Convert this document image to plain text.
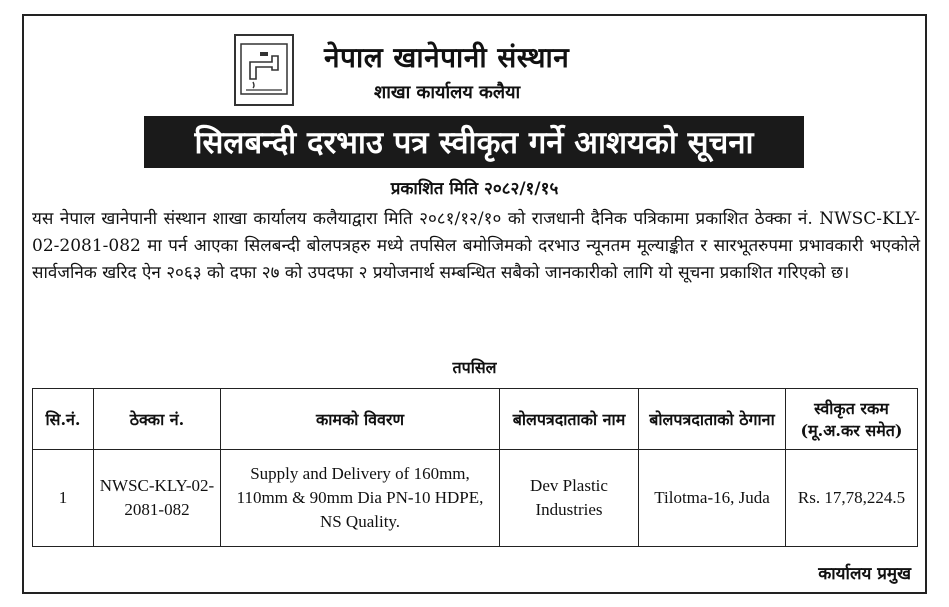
नेपाल खानेपानी संस्थान
शाखा कार्यालय कलैया
सिलबन्दी दरभाउ पत्र स्वीकृत गर्ने आशयको सूचना
प्रकाशित मिति २०८२/१/१५
यस नेपाल खानेपानी संस्थान शाखा कार्यालय कलैयाद्वारा मिति २०८१/१२/१० को राजधानी दैनिक पत्रिकामा प्रकाशित ठेक्का नं. NWSC-KLY-02-2081-082 मा पर्न आएका सिलबन्दी बोलपत्रहरु मध्ये तपसिल बमोजिमको दरभाउ न्यूनतम मूल्याङ्कीत र सारभूतरुपमा प्रभावकारी भएकोले सार्वजनिक खरिद ऐन २०६३ को दफा २७ को उपदफा २ प्रयोजनार्थ सम्बन्धित सबैको जानकारीको लागि यो सूचना प्रकाशित गरिएको छ।
तपसिल
सि.नं.	ठेक्का नं.	कामको विवरण	बोलपत्रदाताको नाम	बोलपत्रदाताको ठेगाना	स्वीकृत रकम (मू.अ.कर समेत)
1	NWSC-KLY-02-2081-082	Supply and Delivery of 160mm, 110mm & 90mm Dia PN-10 HDPE, NS Quality.	Dev Plastic Industries	Tilotma-16, Juda	Rs. 17,78,224.5
कार्यालय प्रमुख
